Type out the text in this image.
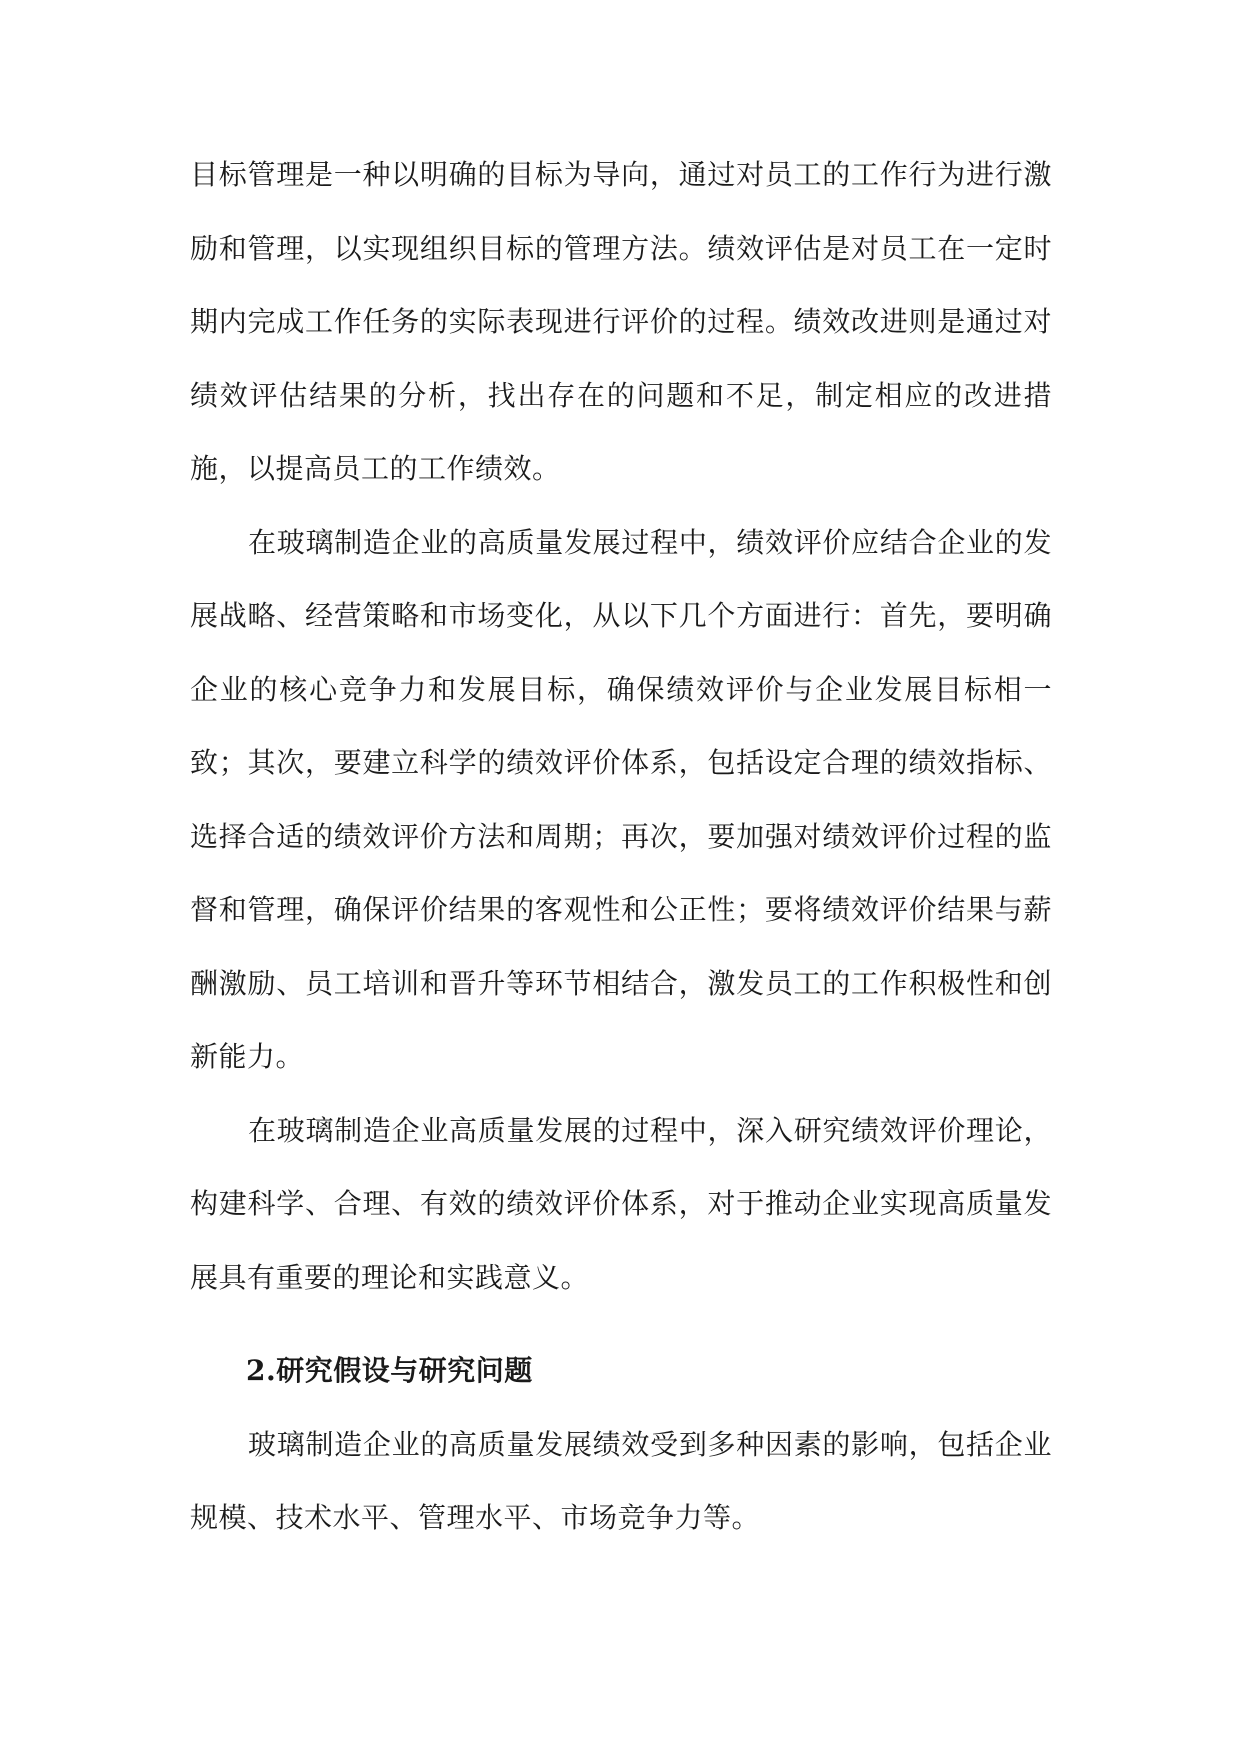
目标管理是一种以明确的目标为导向，通过对员工的工作行为进行激励和管理，以实现组织目标的管理方法。绩效评估是对员工在一定时期内完成工作任务的实际表现进行评价的过程。绩效改进则是通过对绩效评估结果的分析，找出存在的问题和不足，制定相应的改进措施，以提高员工的工作绩效。

在玻璃制造企业的高质量发展过程中，绩效评价应结合企业的发展战略、经营策略和市场变化，从以下几个方面进行：首先，要明确企业的核心竞争力和发展目标，确保绩效评价与企业发展目标相一致；其次，要建立科学的绩效评价体系，包括设定合理的绩效指标、选择合适的绩效评价方法和周期；再次，要加强对绩效评价过程的监督和管理，确保评价结果的客观性和公正性；要将绩效评价结果与薪酬激励、员工培训和晋升等环节相结合，激发员工的工作积极性和创新能力。

在玻璃制造企业高质量发展的过程中，深入研究绩效评价理论，构建科学、合理、有效的绩效评价体系，对于推动企业实现高质量发展具有重要的理论和实践意义。

2.研究假设与研究问题

玻璃制造企业的高质量发展绩效受到多种因素的影响，包括企业规模、技术水平、管理水平、市场竞争力等。
